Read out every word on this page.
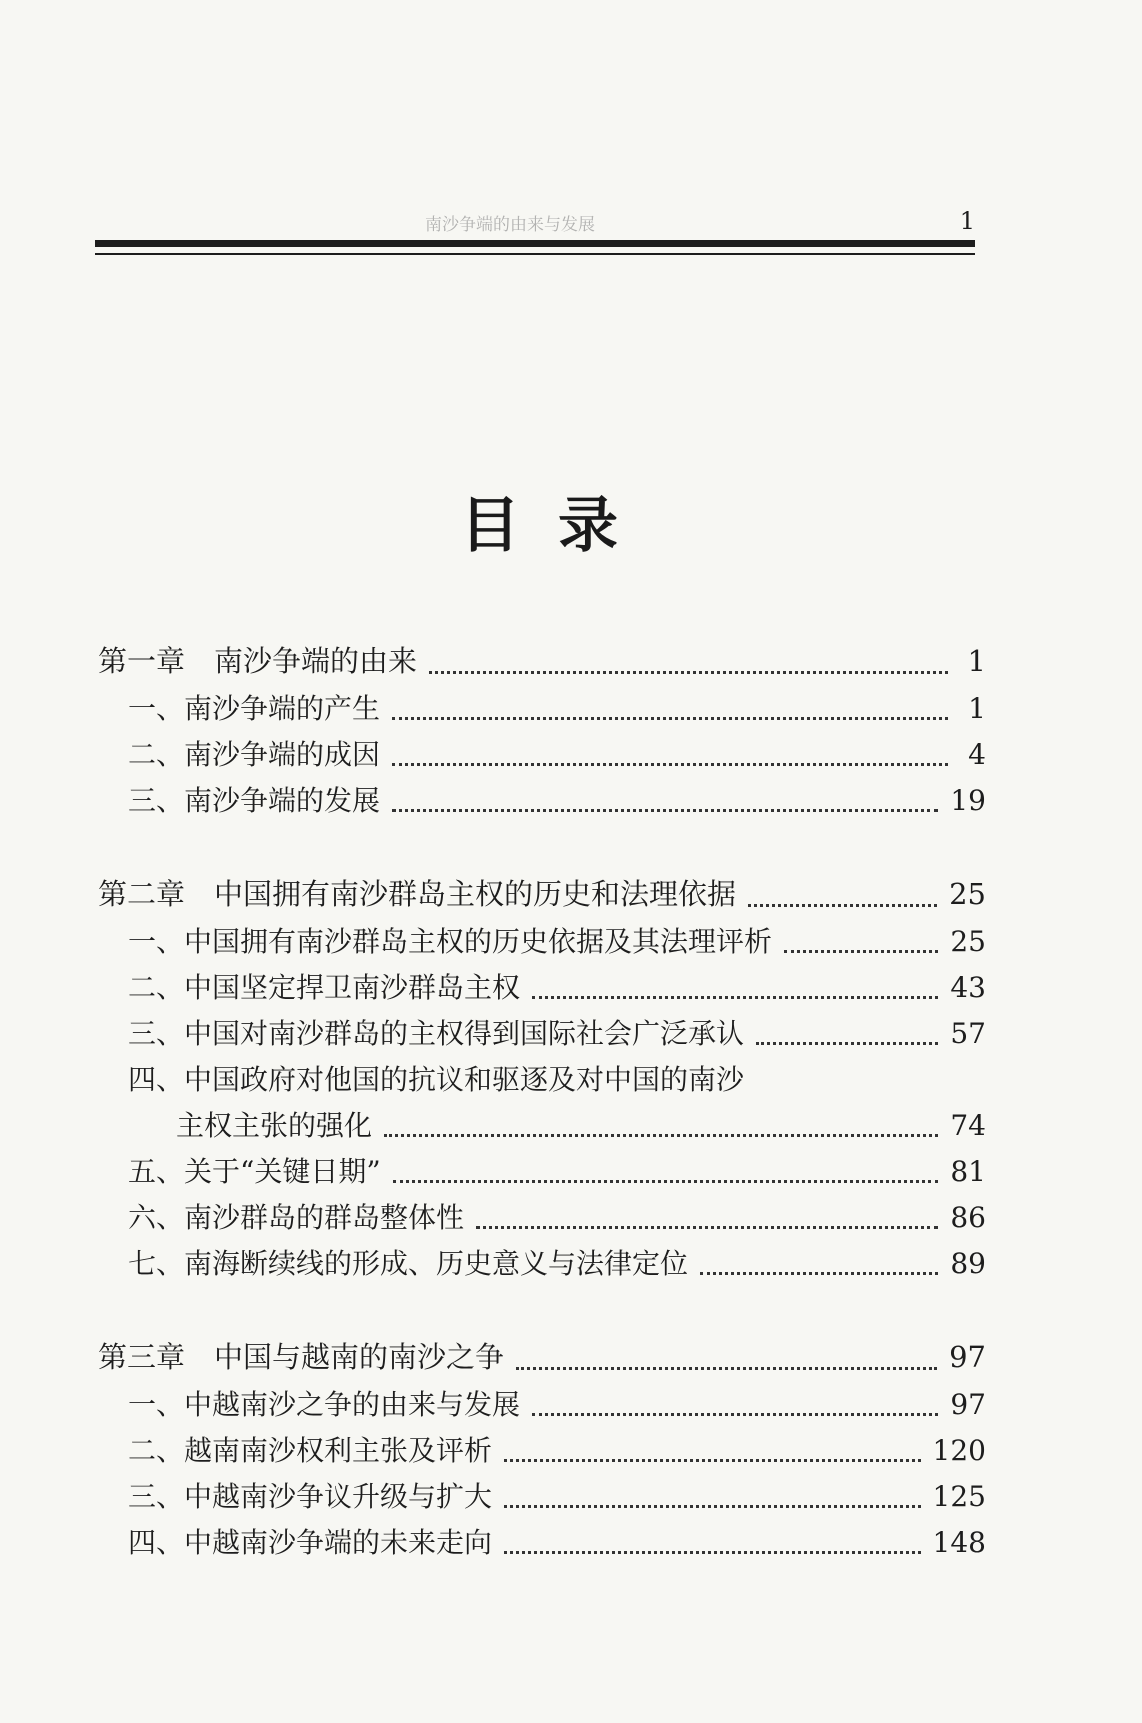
南沙争端的由来与发展	1
目录
第一章　南沙争端的由来	1
一、南沙争端的产生	1
二、南沙争端的成因	4
三、南沙争端的发展	19
第二章　中国拥有南沙群岛主权的历史和法理依据	25
一、中国拥有南沙群岛主权的历史依据及其法理评析	25
二、中国坚定捍卫南沙群岛主权	43
三、中国对南沙群岛的主权得到国际社会广泛承认	57
四、中国政府对他国的抗议和驱逐及对中国的南沙
主权主张的强化	74
五、关于“关键日期”	81
六、南沙群岛的群岛整体性	86
七、南海断续线的形成、历史意义与法律定位	89
第三章　中国与越南的南沙之争	97
一、中越南沙之争的由来与发展	97
二、越南南沙权利主张及评析	120
三、中越南沙争议升级与扩大	125
四、中越南沙争端的未来走向	148
